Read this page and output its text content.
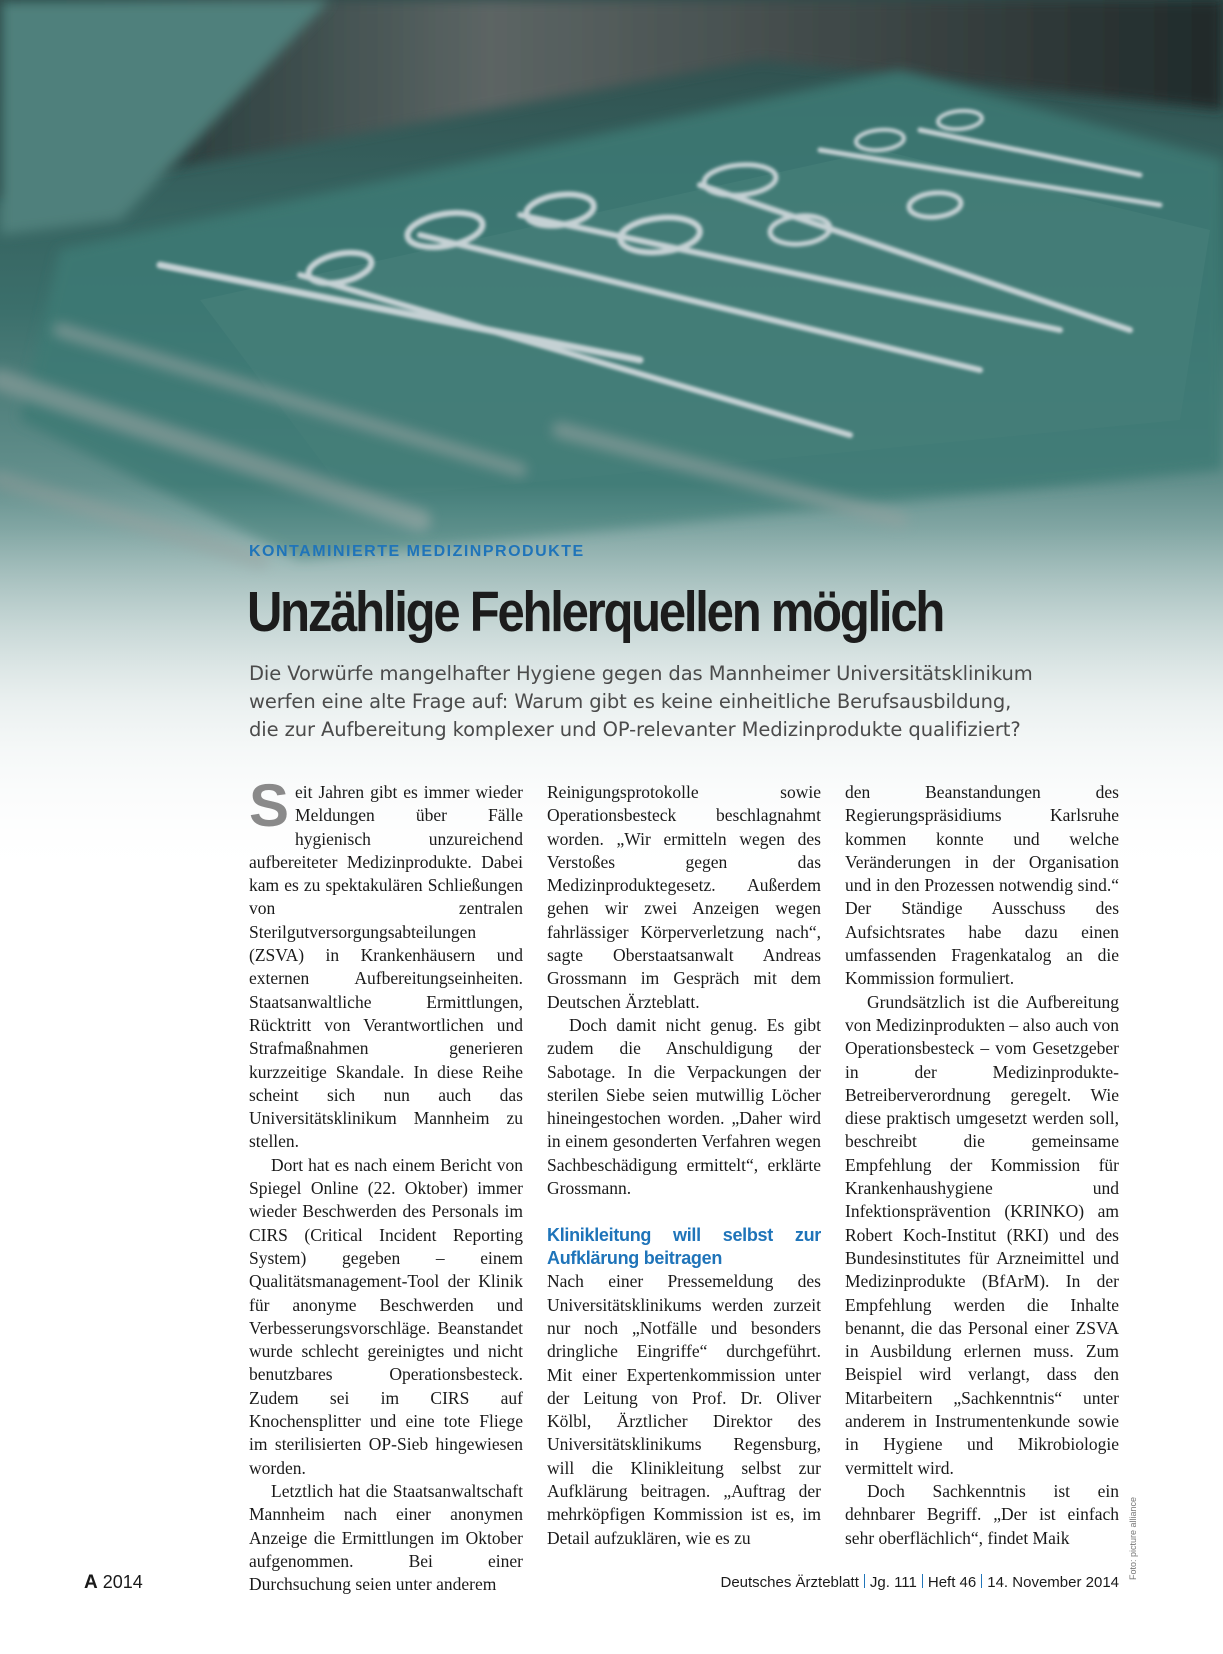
KONTAMINIERTE MEDIZINPRODUKTE
Unzählige Fehlerquellen möglich

Die Vorwürfe mangelhafter Hygiene gegen das Mannheimer Universitätsklinikum

werfen eine alte Frage auf: Warum gibt es keine einheitliche Berufsausbildung,

die zur Aufbereitung komplexer und OP-relevanter Medizinprodukte qualifiziert?

S eit Jahren gibt es immer wieder Meldungen über Fälle hygienisch unzureichend aufbereiteter Medizinprodukte. Dabei kam es zu spektakulären Schließungen von zentralen Sterilgutversorgungsabteilungen (ZSVA) in Krankenhäusern und externen Aufbereitungseinheiten. Staatsanwaltliche Ermittlungen, Rücktritt von Verantwortlichen und Strafmaßnahmen generieren kurzzeitige Skandale. In diese Reihe scheint sich nun auch das Universitätsklinikum Mannheim zu stellen.

Dort hat es nach einem Bericht von Spiegel Online (22. Oktober) immer wieder Beschwerden des Personals im CIRS (Critical Incident Reporting System) gegeben – einem Qualitätsmanagement-Tool der Klinik für anonyme Beschwerden und Verbesserungsvorschläge. Beanstandet wurde schlecht gereinigtes und nicht benutzbares Operationsbesteck. Zudem sei im CIRS auf Knochensplitter und eine tote Fliege im sterilisierten OP-Sieb hingewiesen worden.

Letztlich hat die Staatsanwaltschaft Mannheim nach einer anonymen Anzeige die Ermittlungen im Oktober aufgenommen. Bei einer Durchsuchung seien unter anderem

Reinigungsprotokolle sowie Operationsbesteck beschlagnahmt worden. „Wir ermitteln wegen des Verstoßes gegen das Medizinproduktegesetz. Außerdem gehen wir zwei Anzeigen wegen fahrlässiger Körperverletzung nach“, sagte Oberstaatsanwalt Andreas Grossmann im Gespräch mit dem Deutschen Ärzteblatt.

Doch damit nicht genug. Es gibt zudem die Anschuldigung der Sabotage. In die Verpackungen der sterilen Siebe seien mutwillig Löcher hineingestochen worden. „Daher wird in einem gesonderten Verfahren wegen Sachbeschädigung ermittelt“, erklärte Grossmann.

Klinikleitung will selbst zur Aufklärung beitragen

Nach einer Pressemeldung des Universitätsklinikums werden zurzeit nur noch „Notfälle und besonders dringliche Eingriffe“ durchgeführt. Mit einer Expertenkommission unter der Leitung von Prof. Dr. Oliver Kölbl, Ärztlicher Direktor des Universitätsklinikums Regensburg, will die Klinikleitung selbst zur Aufklärung beitragen. „Auftrag der mehrköpfigen Kommission ist es, im Detail aufzuklären, wie es zu

den Beanstandungen des Regierungspräsidiums Karlsruhe kommen konnte und welche Veränderungen in der Organisation und in den Prozessen notwendig sind.“ Der Ständige Ausschuss des Aufsichtsrates habe dazu einen umfassenden Fragenkatalog an die Kommission formuliert.

Grundsätzlich ist die Aufbereitung von Medizinprodukten – also auch von Operationsbesteck – vom Gesetzgeber in der Medizinprodukte-Betreiberverordnung geregelt. Wie diese praktisch umgesetzt werden soll, beschreibt die gemeinsame Empfehlung der Kommission für Krankenhaushygiene und Infektionsprävention (KRINKO) am Robert Koch-Institut (RKI) und des Bundesinstitutes für Arzneimittel und Medizinprodukte (BfArM). In der Empfehlung werden die Inhalte benannt, die das Personal einer ZSVA in Ausbildung erlernen muss. Zum Beispiel wird verlangt, dass den Mitarbeitern „Sachkenntnis“ unter anderem in Instrumentenkunde sowie in Hygiene und Mikrobiologie vermittelt wird.

Doch Sachkenntnis ist ein dehnbarer Begriff. „Der ist einfach sehr oberflächlich“, findet Maik	Foto: picture alliance
A 2014	Deutsches Ärzteblatt Jg. 111 Heft 46 14. November 2014
